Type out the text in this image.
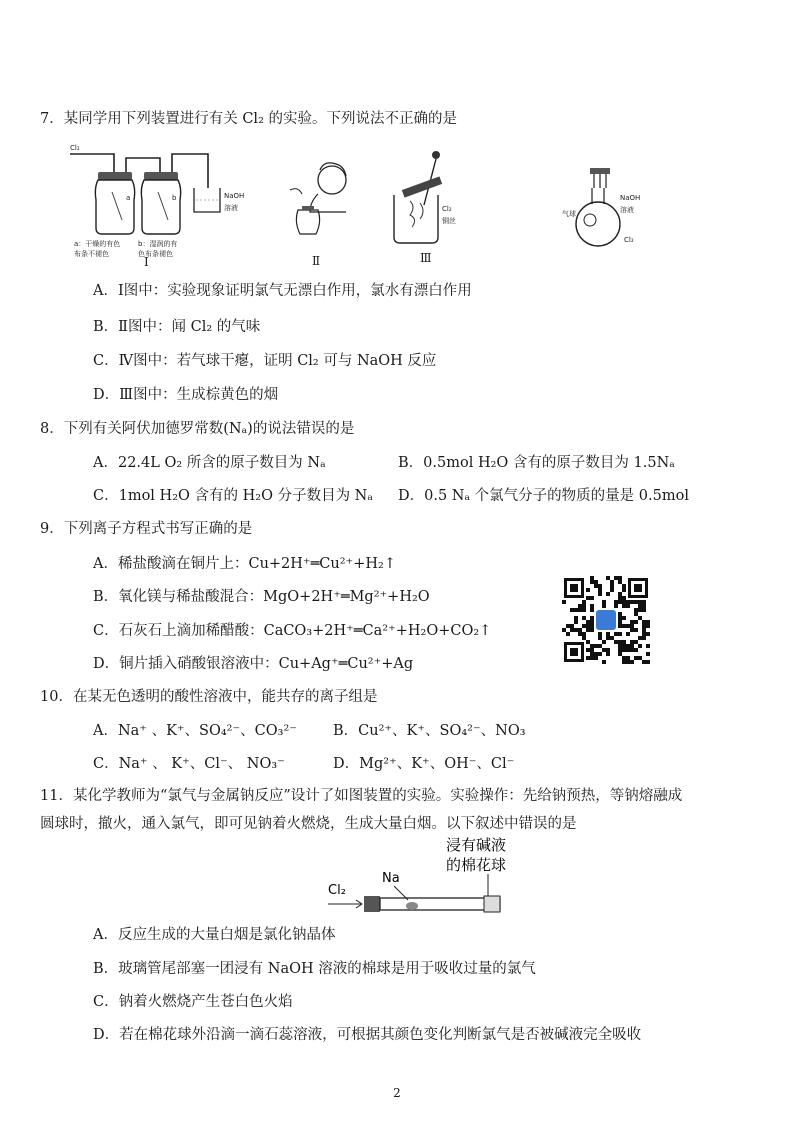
7．某同学用下列装置进行有关 Cl₂ 的实验。下列说法不正确的是
Cl₂
a	b	NaOH
溶液
a：干燥的有色
布条不褪色
b：湿润的有
色布条褪色
Ⅰ	Ⅱ
Cl₂
铜丝
Ⅲ
NaOH
溶液
气球
Cl₂
A．Ⅰ图中：实验现象证明氯气无漂白作用，氯水有漂白作用
B．Ⅱ图中：闻 Cl₂ 的气味
C．Ⅳ图中：若气球干瘪，证明 Cl₂ 可与 NaOH 反应
D．Ⅲ图中：生成棕黄色的烟
8．下列有关阿伏加德罗常数(Nₐ)的说法错误的是
A．22.4L O₂ 所含的原子数目为 Nₐ	B．0.5mol H₂O 含有的原子数目为 1.5Nₐ
C．1mol H₂O 含有的 H₂O 分子数目为 Nₐ D．0.5 Nₐ 个氯气分子的物质的量是 0.5mol
9．下列离子方程式书写正确的是
A．稀盐酸滴在铜片上：Cu+2H⁺═Cu²⁺+H₂↑
B．氧化镁与稀盐酸混合：MgO+2H⁺═Mg²⁺+H₂O
C．石灰石上滴加稀醋酸：CaCO₃+2H⁺═Ca²⁺+H₂O+CO₂↑
D．铜片插入硝酸银溶液中：Cu+Ag⁺═Cu²⁺+Ag
10．在某无色透明的酸性溶液中，能共存的离子组是
A．Na⁺ 、K⁺、SO₄²⁻、CO₃²⁻ B．Cu²⁺、K⁺、SO₄²⁻、NO₃
C．Na⁺ 、 K⁺、Cl⁻、 NO₃⁻	D．Mg²⁺、K⁺、OH⁻、Cl⁻
11．某化学教师为“氯气与金属钠反应”设计了如图装置的实验。实验操作：先给钠预热，等钠熔融成
圆球时，撤火，通入氯气，即可见钠着火燃烧，生成大量白烟。以下叙述中错误的是
浸有碱液
的棉花球
Cl₂
Na
A．反应生成的大量白烟是氯化钠晶体
B．玻璃管尾部塞一团浸有 NaOH 溶液的棉球是用于吸收过量的氯气
C．钠着火燃烧产生苍白色火焰
D．若在棉花球外沿滴一滴石蕊溶液，可根据其颜色变化判断氯气是否被碱液完全吸收
2
